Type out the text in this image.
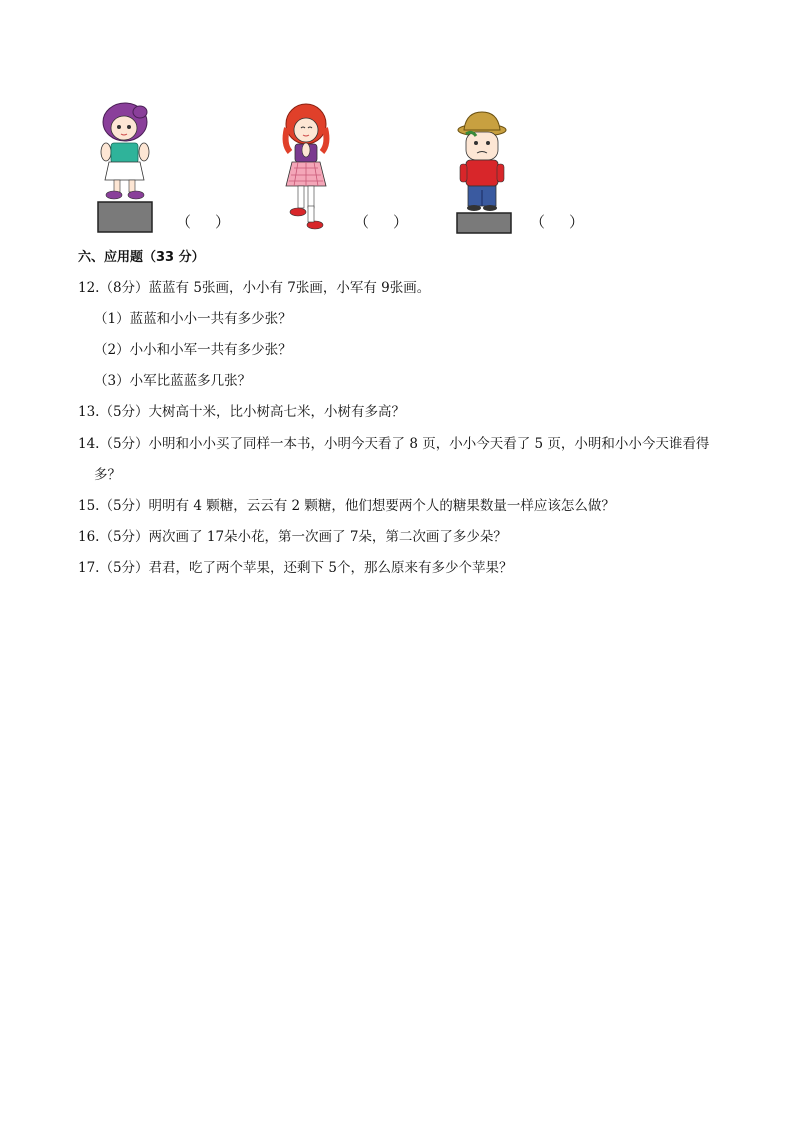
（ ）	（ ）	（ ）
六、应用题（33 分）
12.（8分）蓝蓝有 5张画，小小有 7张画，小军有 9张画。
（1）蓝蓝和小小一共有多少张？
（2）小小和小军一共有多少张？
（3）小军比蓝蓝多几张？
13.（5分）大树高十米，比小树高七米，小树有多高？
14.（5分）小明和小小买了同样一本书，小明今天看了 8 页，小小今天看了 5 页，小明和小小今天谁看得
多？
15.（5分）明明有 4 颗糖，云云有 2 颗糖，他们想要两个人的糖果数量一样应该怎么做？
16.（5分）两次画了 17朵小花，第一次画了 7朵，第二次画了多少朵？
17.（5分）君君，吃了两个苹果，还剩下 5个，那么原来有多少个苹果？
